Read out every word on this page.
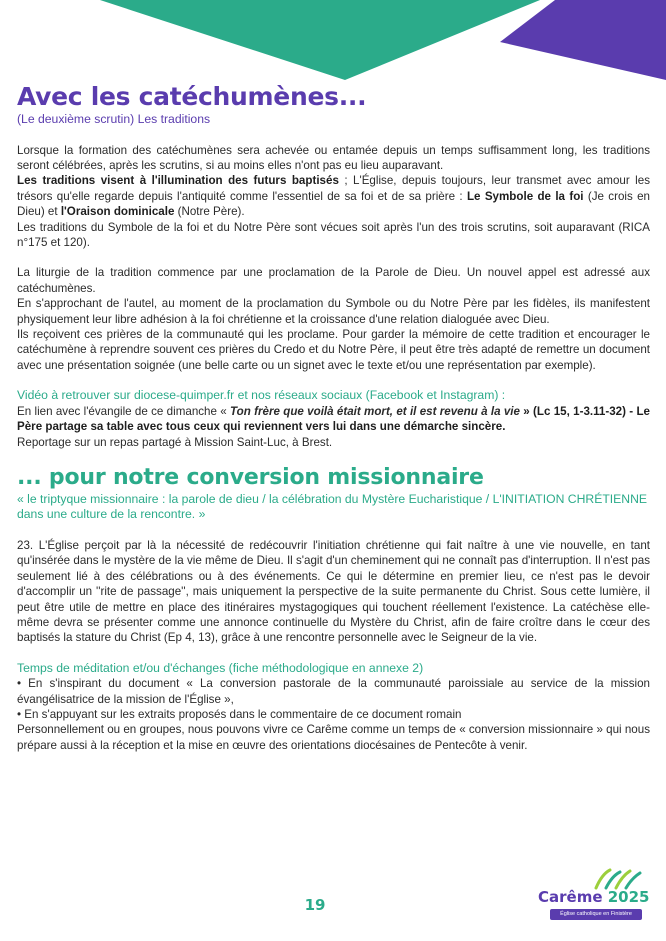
Avec les catéchumènes...
(Le deuxième scrutin) Les traditions

Lorsque la formation des catéchumènes sera achevée ou entamée depuis un temps suffisamment long, les traditions seront célébrées, après les scrutins, si au moins elles n'ont pas eu lieu auparavant.

Les traditions visent à l'illumination des futurs baptisés ; L'Église, depuis toujours, leur transmet avec amour les trésors qu'elle regarde depuis l'antiquité comme l'essentiel de sa foi et de sa prière : Le Symbole de la foi (Je crois en Dieu) et l'Oraison dominicale (Notre Père).

Les traditions du Symbole de la foi et du Notre Père sont vécues soit après l'un des trois scrutins, soit auparavant (RICA n°175 et 120).

La liturgie de la tradition commence par une proclamation de la Parole de Dieu. Un nouvel appel est adressé aux catéchumènes.

En s'approchant de l'autel, au moment de la proclamation du Symbole ou du Notre Père par les fidèles, ils manifestent physiquement leur libre adhésion à la foi chrétienne et la croissance d'une relation dialoguée avec Dieu.

Ils reçoivent ces prières de la communauté qui les proclame. Pour garder la mémoire de cette tradition et encourager le catéchumène à reprendre souvent ces prières du Credo et du Notre Père, il peut être très adapté de remettre un document avec une présentation soignée (une belle carte ou un signet avec le texte et/ou une représentation par exemple).

Vidéo à retrouver sur diocese-quimper.fr et nos réseaux sociaux (Facebook et Instagram) :

En lien avec l'évangile de ce dimanche « Ton frère que voilà était mort, et il est revenu à la vie » (Lc 15, 1-3.11-32) - Le Père partage sa table avec tous ceux qui reviennent vers lui dans une démarche sincère.

Reportage sur un repas partagé à Mission Saint-Luc, à Brest.

... pour notre conversion missionnaire
« le triptyque missionnaire : la parole de dieu / la célébration du Mystère Eucharistique / L'INITIATION CHRÉTIENNE dans une culture de la rencontre. »

23. L'Église perçoit par là la nécessité de redécouvrir l'initiation chrétienne qui fait naître à une vie nouvelle, en tant qu'insérée dans le mystère de la vie même de Dieu. Il s'agit d'un cheminement qui ne connaît pas d'interruption. Il n'est pas seulement lié à des célébrations ou à des événements. Ce qui le détermine en premier lieu, ce n'est pas le devoir d'accomplir un ''rite de passage'', mais uniquement la perspective de la suite permanente du Christ. Sous cette lumière, il peut être utile de mettre en place des itinéraires mystagogiques qui touchent réellement l'existence. La catéchèse elle-même devra se présenter comme une annonce continuelle du Mystère du Christ, afin de faire croître dans le cœur des baptisés la stature du Christ (Ep 4, 13), grâce à une rencontre personnelle avec le Seigneur de la vie.

Temps de méditation et/ou d'échanges (fiche méthodologique en annexe 2)

• En s'inspirant du document « La conversion pastorale de la communauté paroissiale au service de la mission évangélisatrice de la mission de l'Église »,

• En s'appuyant sur les extraits proposés dans le commentaire de ce document romain

Personnellement ou en groupes, nous pouvons vivre ce Carême comme un temps de « conversion missionnaire » qui nous prépare aussi à la réception et la mise en œuvre des orientations diocésaines de Pentecôte à venir.

19	Carême 2025
Église catholique en Finistère
